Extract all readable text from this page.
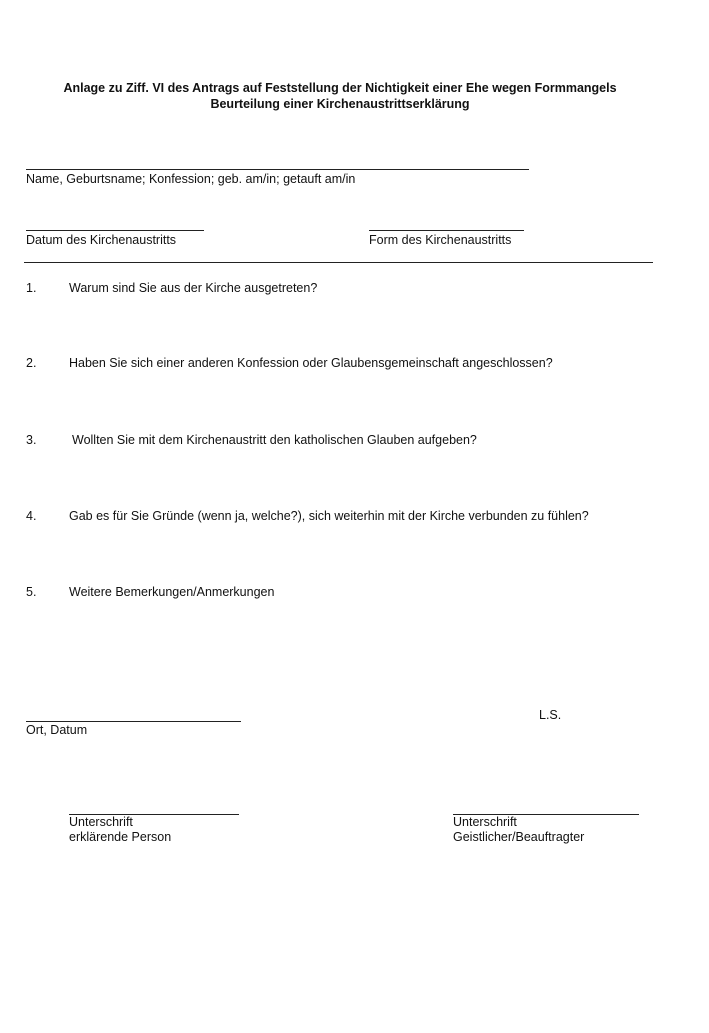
Anlage zu Ziff. VI des Antrags auf Feststellung der Nichtigkeit einer Ehe wegen Formmangels
Beurteilung einer Kirchenaustrittserklärung
Name, Geburtsname; Konfession; geb. am/in; getauft am/in
Datum des Kirchenaustritts	Form des Kirchenaustritts
1.	Warum sind Sie aus der Kirche ausgetreten?
2.	Haben Sie sich einer anderen Konfession oder Glaubensgemeinschaft angeschlossen?
3.	Wollten Sie mit dem Kirchenaustritt den katholischen Glauben aufgeben?
4.	Gab es für Sie Gründe (wenn ja, welche?), sich weiterhin mit der Kirche verbunden zu fühlen?
5.	Weitere Bemerkungen/Anmerkungen
Ort, Datum
L.S.
Unterschrift
erklärende Person
Unterschrift
Geistlicher/Beauftragter
